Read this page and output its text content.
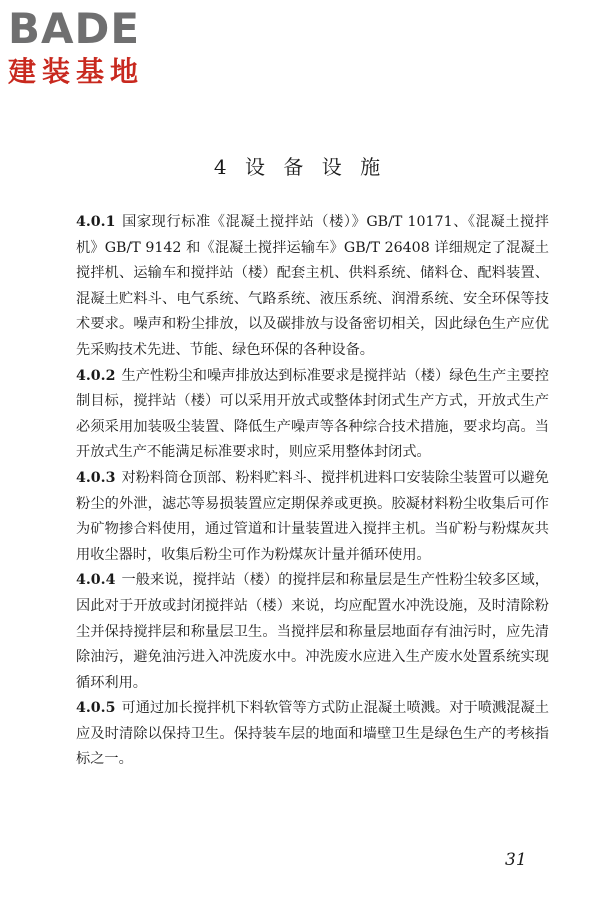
BADE
建装基地
4 设 备 设 施

4.0.1 国家现行标准《混凝土搅拌站（楼）》GB/T 10171、《混凝土搅拌机》GB/T 9142 和《混凝土搅拌运输车》GB/T 26408 详细规定了混凝土搅拌机、运输车和搅拌站（楼）配套主机、供料系统、储料仓、配料装置、混凝土贮料斗、电气系统、气路系统、液压系统、润滑系统、安全环保等技术要求。噪声和粉尘排放，以及碳排放与设备密切相关，因此绿色生产应优先采购技术先进、节能、绿色环保的各种设备。

4.0.2 生产性粉尘和噪声排放达到标准要求是搅拌站（楼）绿色生产主要控制目标，搅拌站（楼）可以采用开放式或整体封闭式生产方式，开放式生产必须采用加装吸尘装置、降低生产噪声等各种综合技术措施，要求均高。当开放式生产不能满足标准要求时，则应采用整体封闭式。

4.0.3 对粉料筒仓顶部、粉料贮料斗、搅拌机进料口安装除尘装置可以避免粉尘的外泄，滤芯等易损装置应定期保养或更换。胶凝材料粉尘收集后可作为矿物掺合料使用，通过管道和计量装置进入搅拌主机。当矿粉与粉煤灰共用收尘器时，收集后粉尘可作为粉煤灰计量并循环使用。

4.0.4 一般来说，搅拌站（楼）的搅拌层和称量层是生产性粉尘较多区域，因此对于开放或封闭搅拌站（楼）来说，均应配置水冲洗设施，及时清除粉尘并保持搅拌层和称量层卫生。当搅拌层和称量层地面存有油污时，应先清除油污，避免油污进入冲洗废水中。冲洗废水应进入生产废水处置系统实现循环利用。

4.0.5 可通过加长搅拌机下料软管等方式防止混凝土喷溅。对于喷溅混凝土应及时清除以保持卫生。保持装车层的地面和墙壁卫生是绿色生产的考核指标之一。

31
